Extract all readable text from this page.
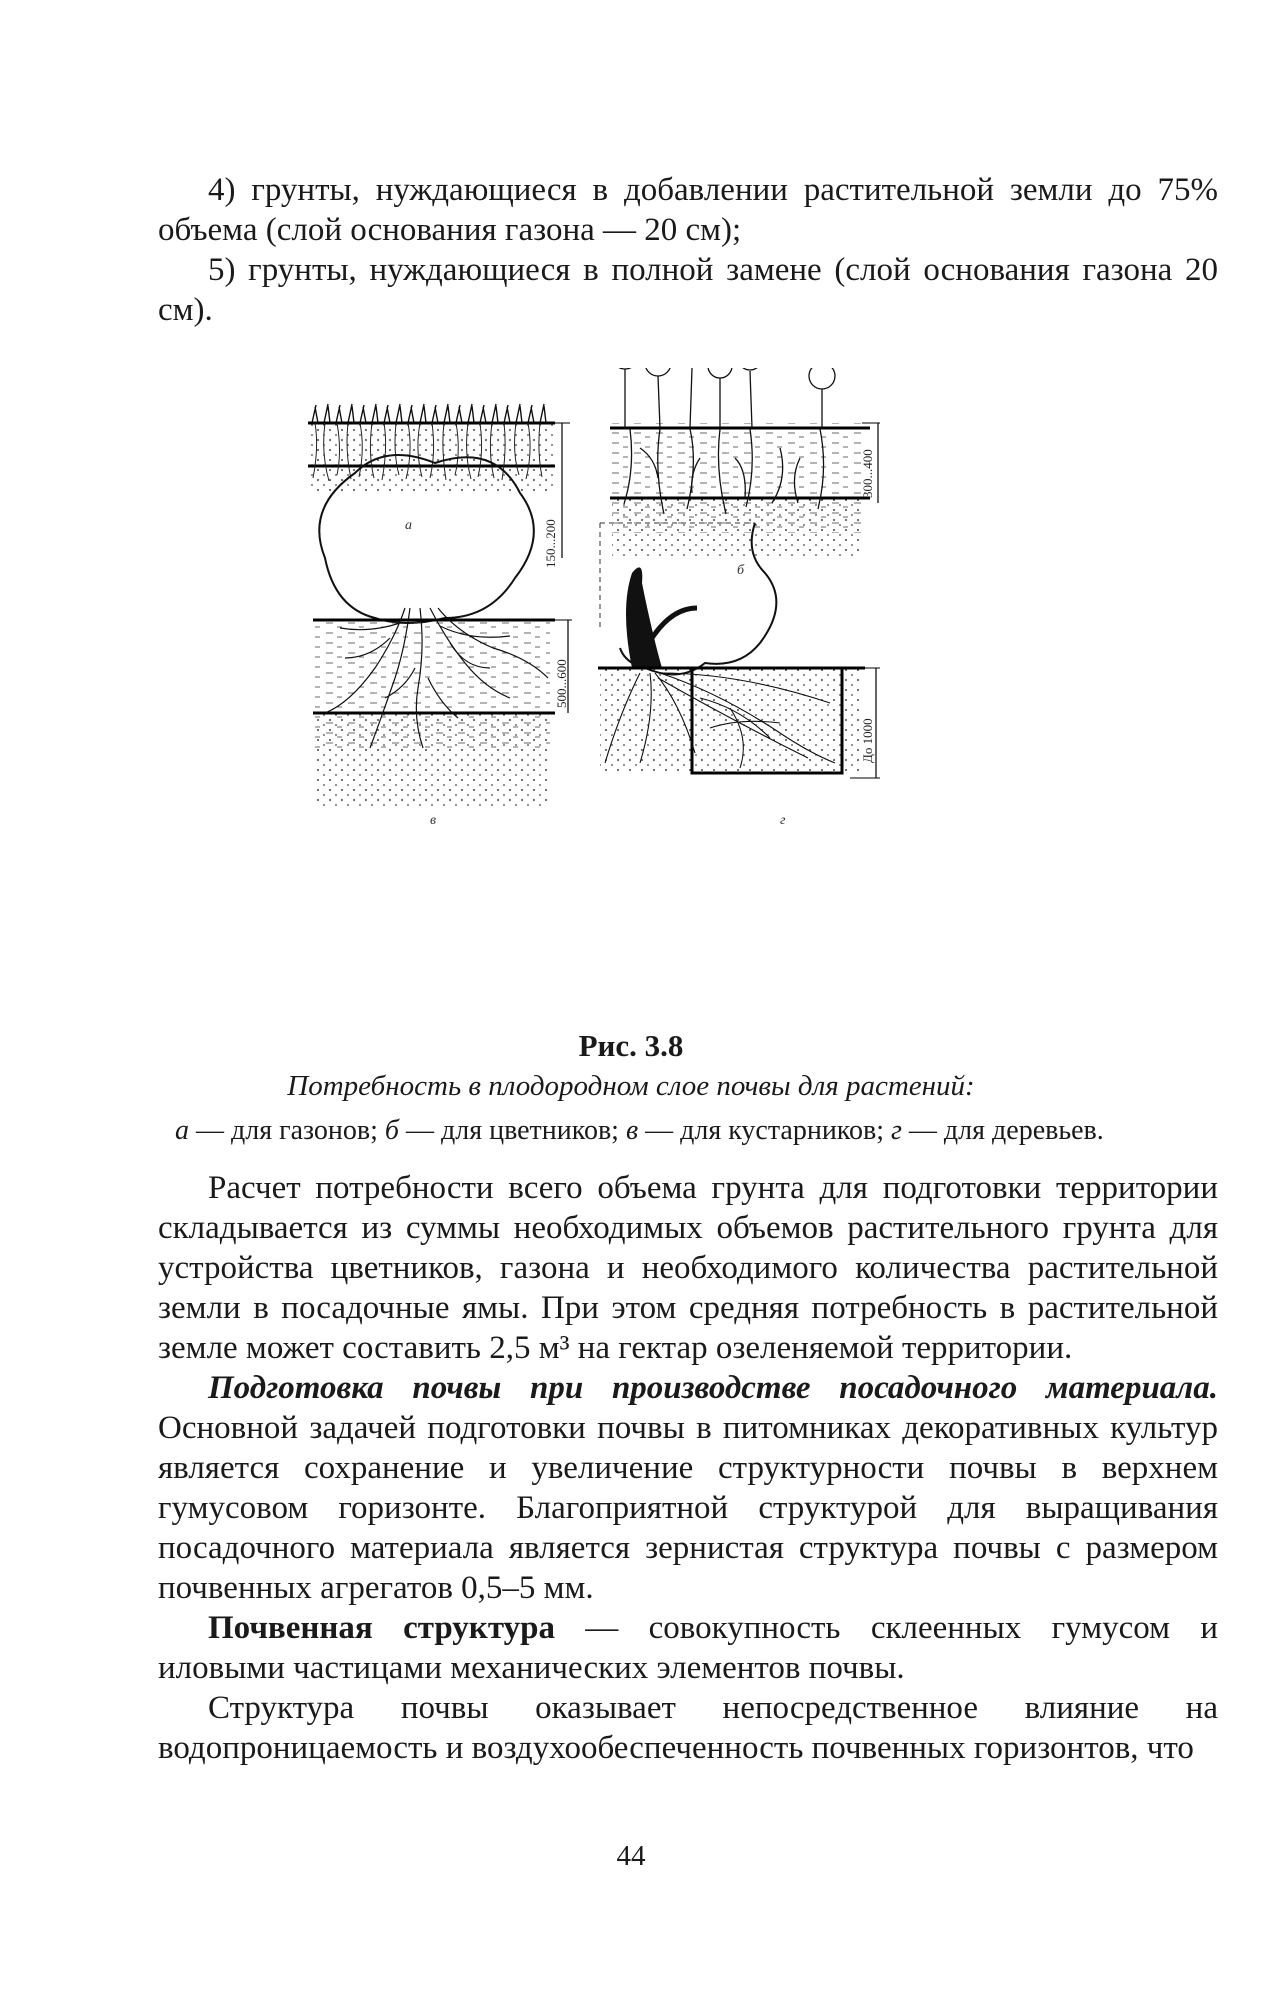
4) грунты, нуждающиеся в добавлении растительной земли до 75% объема (слой основания газона — 20 см);

5) грунты, нуждающиеся в полной замене (слой основания газона 20 см).

а
б
в	г
150...200
300...400
500...600
До 1000
Рис. 3.8
Потребность в плодородном слое почвы для растений:
а — для газонов; б — для цветников; в — для кустарников; г — для деревьев.

Расчет потребности всего объема грунта для подготовки территории складывается из суммы необходимых объемов растительного грунта для устройства цветников, газона и необходимого количества растительной земли в посадочные ямы. При этом средняя потребность в растительной земле может составить 2,5 м³ на гектар озеленяемой территории.

Подготовка почвы при производстве посадочного материала. Основной задачей подготовки почвы в питомниках декоративных культур является сохранение и увеличение структурности почвы в верхнем гумусовом горизонте. Благоприятной структурой для выращивания посадочного материала является зернистая структура почвы с размером почвенных агрегатов 0,5–5 мм.

Почвенная структура — совокупность склеенных гумусом и иловыми частицами механических элементов почвы.

Структура почвы оказывает непосредственное влияние на водопроницаемость и воздухообеспеченность почвенных горизонтов, что

44
